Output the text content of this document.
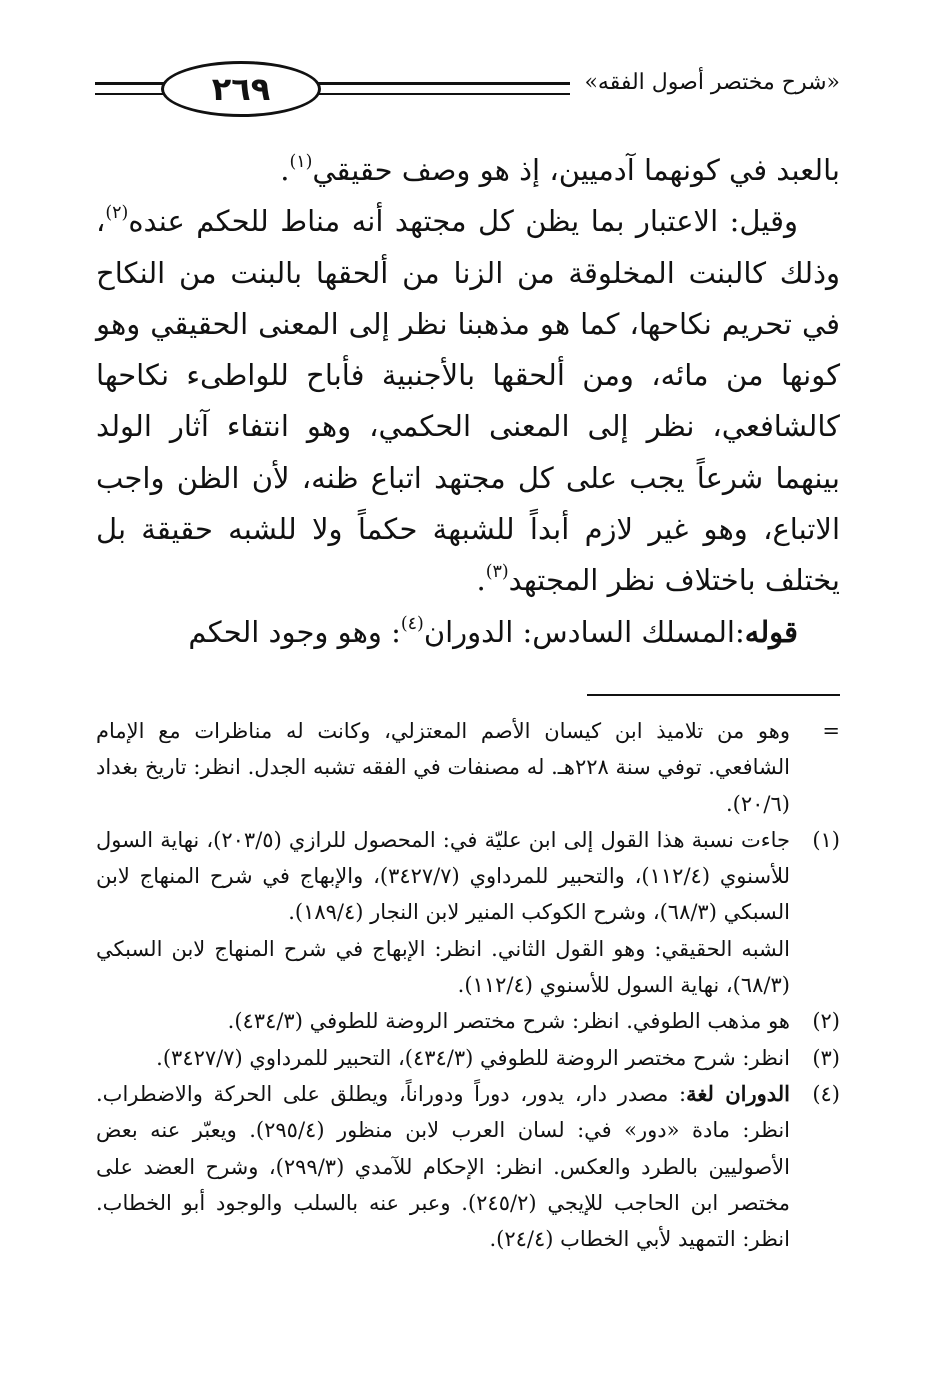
«شرح مختصر أصول الفقه»
٢٦٩

بالعبد في كونهما آدميين، إذ هو وصف حقيقي$^{(١)}$.

وقيل: الاعتبار بما يظن كل مجتهد أنه مناط للحكم عنده$^{(٢)}$، وذلك كالبنت المخلوقة من الزنا من ألحقها بالبنت من النكاح في تحريم نكاحها، كما هو مذهبنا نظر إلى المعنى الحقيقي وهو كونها من مائه، ومن ألحقها بالأجنبية فأباح للواطىء نكاحها كالشافعي، نظر إلى المعنى الحكمي، وهو انتفاء آثار الولد بينهما شرعاً يجب على كل مجتهد اتباع ظنه، لأن الظن واجب الاتباع، وهو غير لازم أبداً للشبهة حكماً ولا للشبه حقيقة بل يختلف باختلاف نظر المجتهد$^{(٣)}$.

قوله:المسلك السادس: الدوران$^{(٤)}$: وهو وجود الحكم

=
وهو من تلاميذ ابن كيسان الأصم المعتزلي، وكانت له مناظرات مع الإمام الشافعي. توفي سنة ٢٢٨هـ. له مصنفات في الفقه تشبه الجدل. انظر: تاريخ بغداد (٢٠/٦).
(١)
جاءت نسبة هذا القول إلى ابن عليّة في: المحصول للرازي (٢٠٣/٥)، نهاية السول للأسنوي (١١٢/٤)، والتحبير للمرداوي (٣٤٢٧/٧)، والإبهاج في شرح المنهاج لابن السبكي (٦٨/٣)، وشرح الكوكب المنير لابن النجار (١٨٩/٤).
الشبه الحقيقي: وهو القول الثاني. انظر: الإبهاج في شرح المنهاج لابن السبكي (٦٨/٣)، نهاية السول للأسنوي (١١٢/٤).
(٢)
هو مذهب الطوفي. انظر: شرح مختصر الروضة للطوفي (٤٣٤/٣).
(٣)
انظر: شرح مختصر الروضة للطوفي (٤٣٤/٣)، التحبير للمرداوي (٣٤٢٧/٧).
(٤)
الدوران لغة: مصدر دار، يدور، دوراً ودوراناً، ويطلق على الحركة والاضطراب. انظر: مادة «دور» في: لسان العرب لابن منظور (٢٩٥/٤). ويعبّر عنه بعض الأصوليين بالطرد والعكس. انظر: الإحكام للآمدي (٢٩٩/٣)، وشرح العضد على مختصر ابن الحاجب للإيجي (٢٤٥/٢). وعبر عنه بالسلب والوجود أبو الخطاب. انظر: التمهيد لأبي الخطاب (٢٤/٤).
